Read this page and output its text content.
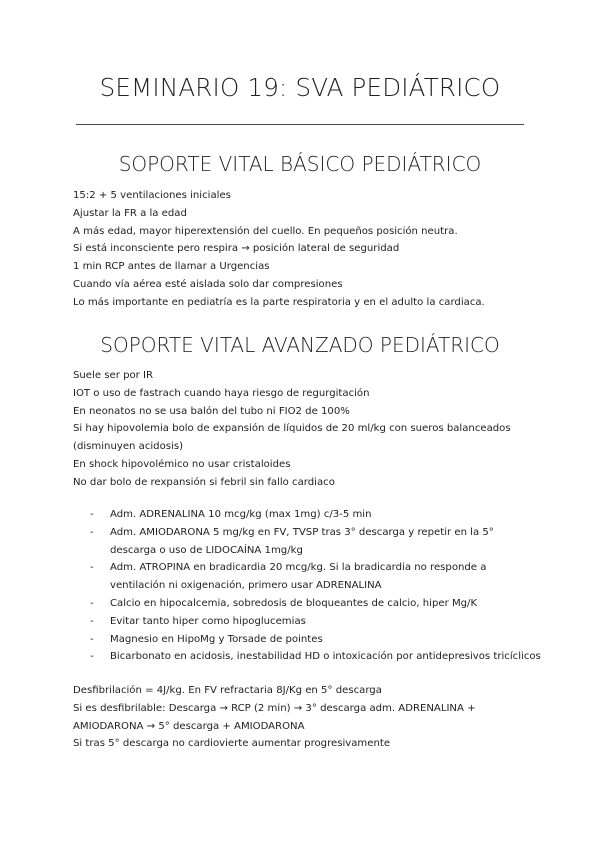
SEMINARIO 19: SVA PEDIÁTRICO
SOPORTE VITAL BÁSICO PEDIÁTRICO

15:2 + 5 ventilaciones iniciales

Ajustar la FR a la edad

A más edad, mayor hiperextensión del cuello. En pequeños posición neutra.

Si está inconsciente pero respira → posición lateral de seguridad

1 min RCP antes de llamar a Urgencias

Cuando vía aérea esté aislada solo dar compresiones

Lo más importante en pediatría es la parte respiratoria y en el adulto la cardiaca.

SOPORTE VITAL AVANZADO PEDIÁTRICO

Suele ser por IR

IOT o uso de fastrach cuando haya riesgo de regurgitación

En neonatos no se usa balón del tubo ni FIO2 de 100%

Si hay hipovolemia bolo de expansión de líquidos de 20 ml/kg con sueros balanceados

(disminuyen acidosis)

En shock hipovolémico no usar cristaloides

No dar bolo de rexpansión si febril sin fallo cardiaco

- Adm. ADRENALINA 10 mcg/kg (max 1mg) c/3-5 min
- Adm. AMIODARONA 5 mg/kg en FV, TVSP tras 3° descarga y repetir en la 5°
descarga o uso de LIDOCAÍNA 1mg/kg
- Adm. ATROPINA en bradicardia 20 mcg/kg. Si la bradicardia no responde a
ventilación ni oxigenación, primero usar ADRENALINA
- Calcio en hipocalcemia, sobredosis de bloqueantes de calcio, hiper Mg/K
- Evitar tanto hiper como hipoglucemias
- Magnesio en HipoMg y Torsade de pointes
- Bicarbonato en acidosis, inestabilidad HD o intoxicación por antidepresivos tricíclicos

Desfibrilación = 4J/kg. En FV refractaria 8J/Kg en 5° descarga

Si es desfibrilable: Descarga → RCP (2 min) → 3° descarga adm. ADRENALINA +

AMIODARONA → 5° descarga + AMIODARONA

Si tras 5° descarga no cardiovierte aumentar progresivamente
